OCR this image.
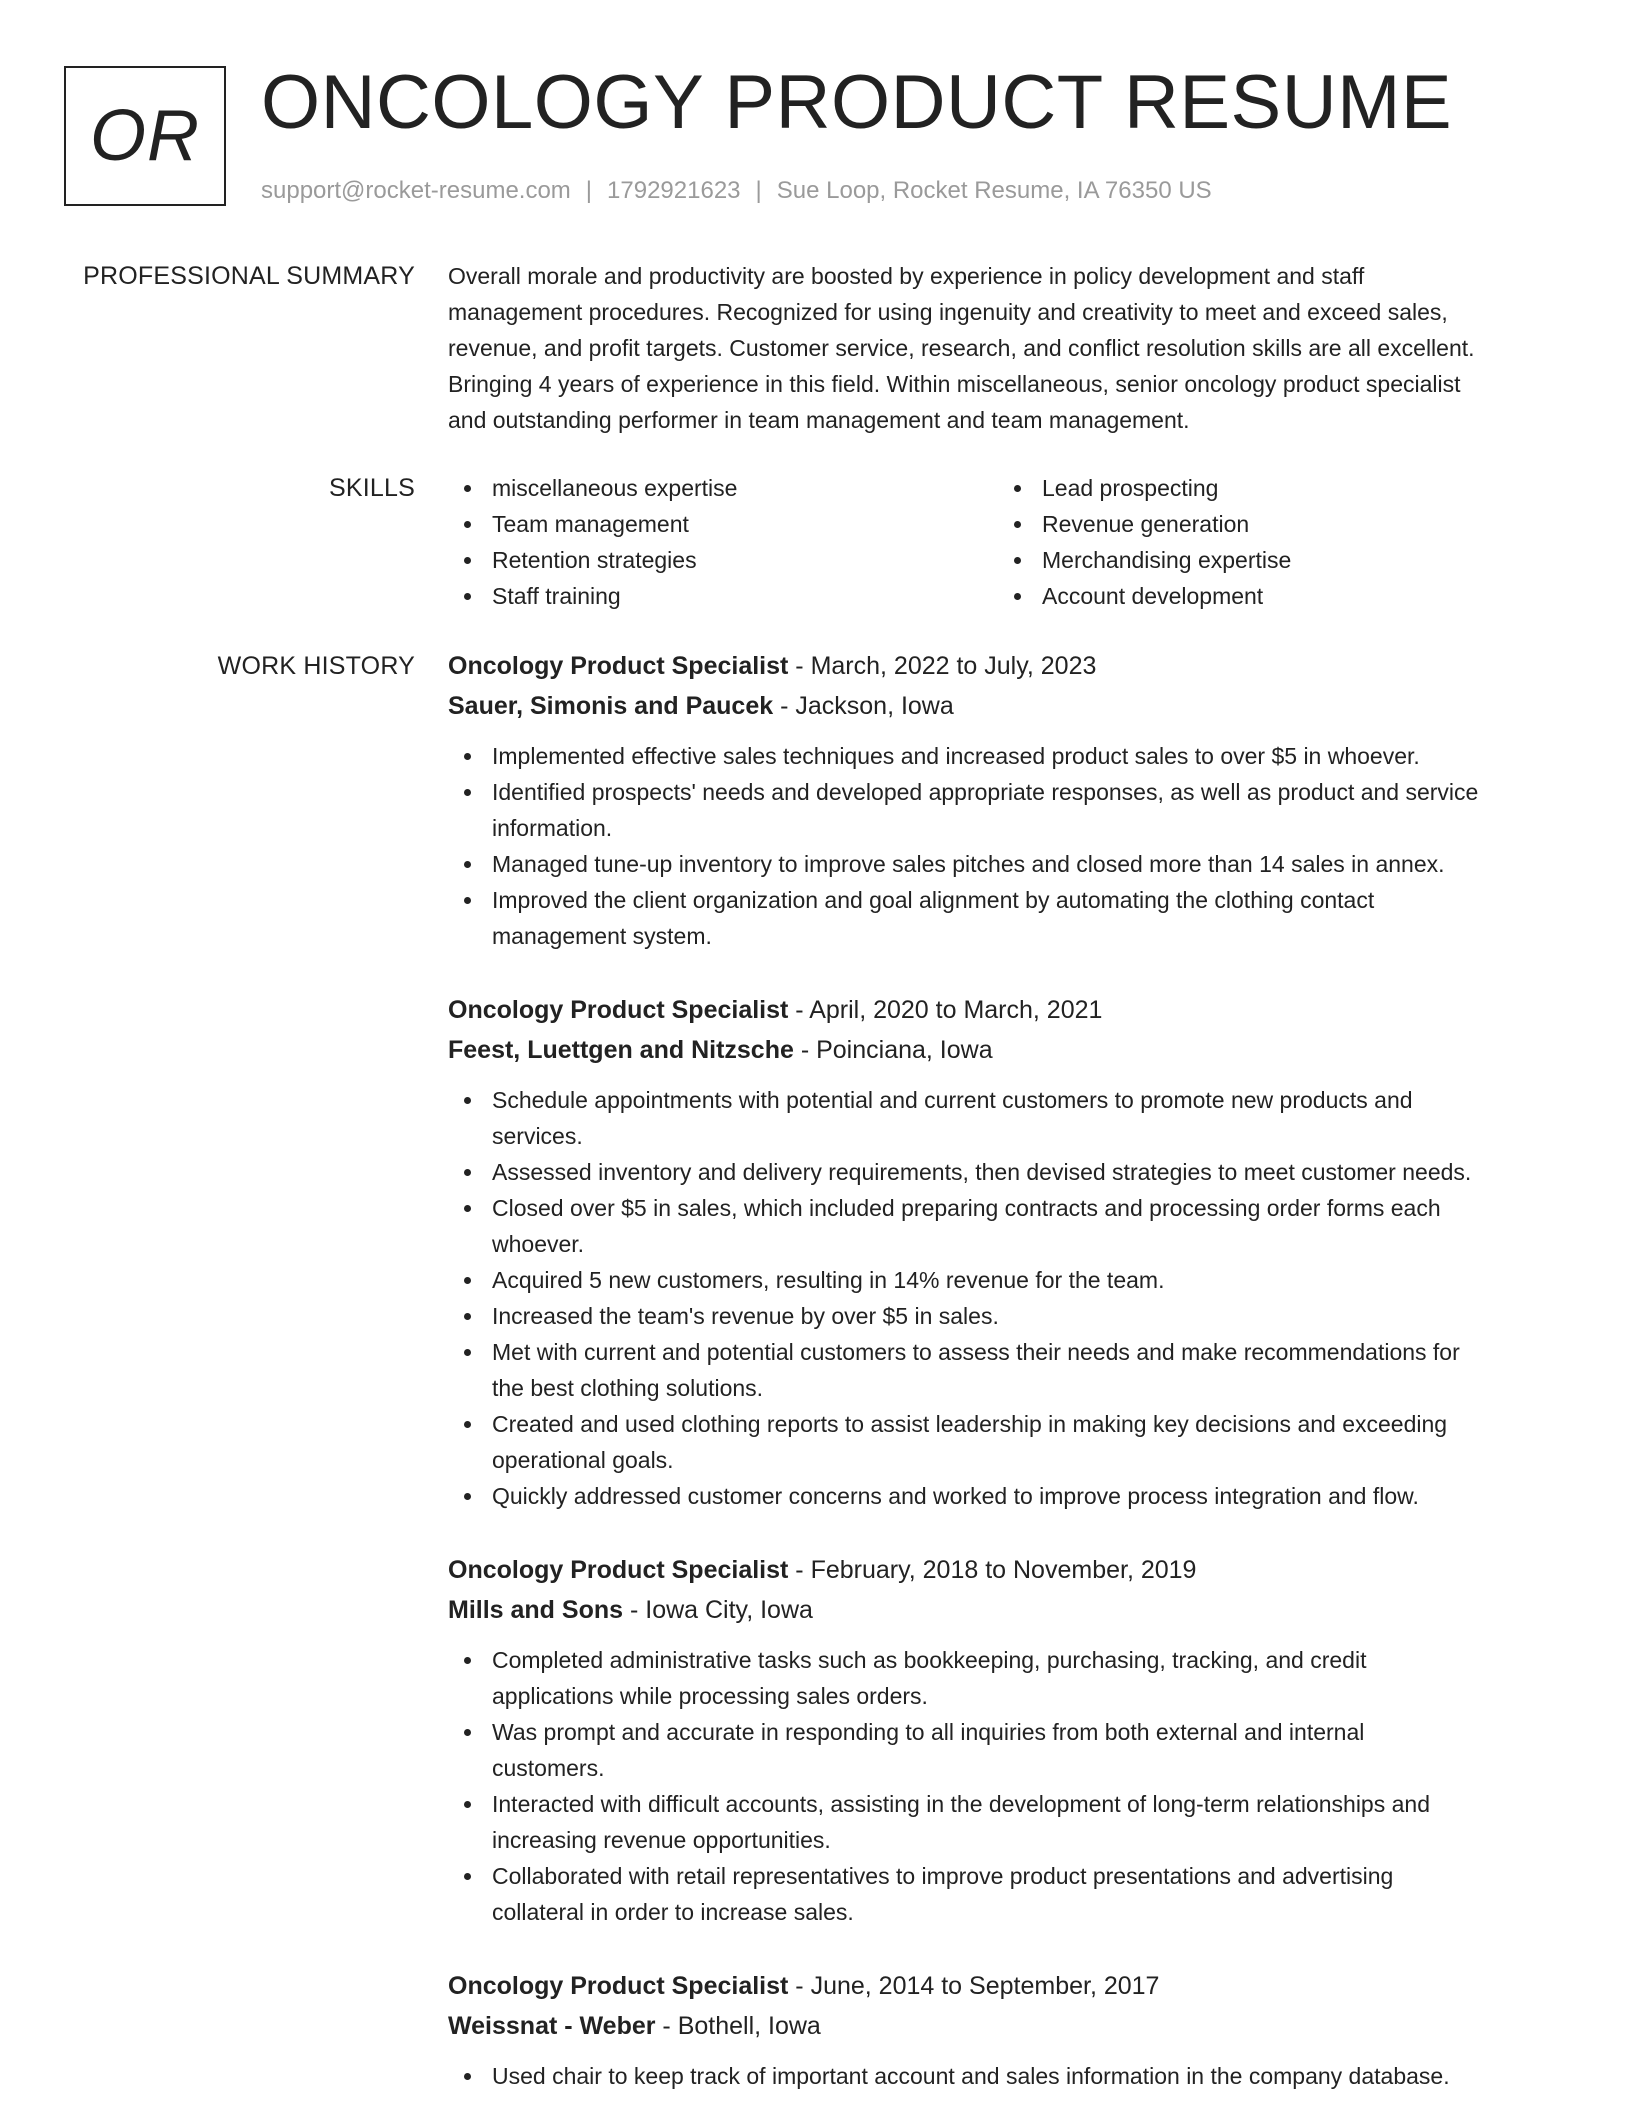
OR ONCOLOGY PRODUCT RESUME
support@rocket-resume.com | 1792921623 | Sue Loop, Rocket Resume, IA 76350 US
PROFESSIONAL SUMMARY Overall morale and productivity are boosted by experience in policy development and staff
management procedures. Recognized for using ingenuity and creativity to meet and exceed sales,
revenue, and profit targets. Customer service, research, and conflict resolution skills are all excellent.
Bringing 4 years of experience in this field. Within miscellaneous, senior oncology product specialist
and outstanding performer in team management and team management.

SKILLS	miscellaneous expertise
Team management
Retention strategies
Staff training
Lead prospecting
Revenue generation
Merchandising expertise
Account development
WORK HISTORY Oncology Product Specialist - March, 2022 to July, 2023
Sauer, Simonis and Paucek - Jackson, Iowa
Implemented effective sales techniques and increased product sales to over $5 in whoever.
Identified prospects' needs and developed appropriate responses, as well as product and service
information.
Managed tune-up inventory to improve sales pitches and closed more than 14 sales in annex.
Improved the client organization and goal alignment by automating the clothing contact
management system.
Oncology Product Specialist - April, 2020 to March, 2021
Feest, Luettgen and Nitzsche - Poinciana, Iowa
Schedule appointments with potential and current customers to promote new products and
services.
Assessed inventory and delivery requirements, then devised strategies to meet customer needs.
Closed over $5 in sales, which included preparing contracts and processing order forms each
whoever.
Acquired 5 new customers, resulting in 14% revenue for the team.
Increased the team's revenue by over $5 in sales.
Met with current and potential customers to assess their needs and make recommendations for
the best clothing solutions.
Created and used clothing reports to assist leadership in making key decisions and exceeding
operational goals.
Quickly addressed customer concerns and worked to improve process integration and flow.
Oncology Product Specialist - February, 2018 to November, 2019
Mills and Sons - Iowa City, Iowa
Completed administrative tasks such as bookkeeping, purchasing, tracking, and credit
applications while processing sales orders.
Was prompt and accurate in responding to all inquiries from both external and internal
customers.
Interacted with difficult accounts, assisting in the development of long-term relationships and
increasing revenue opportunities.
Collaborated with retail representatives to improve product presentations and advertising
collateral in order to increase sales.
Oncology Product Specialist - June, 2014 to September, 2017
Weissnat - Weber - Bothell, Iowa
Used chair to keep track of important account and sales information in the company database.
